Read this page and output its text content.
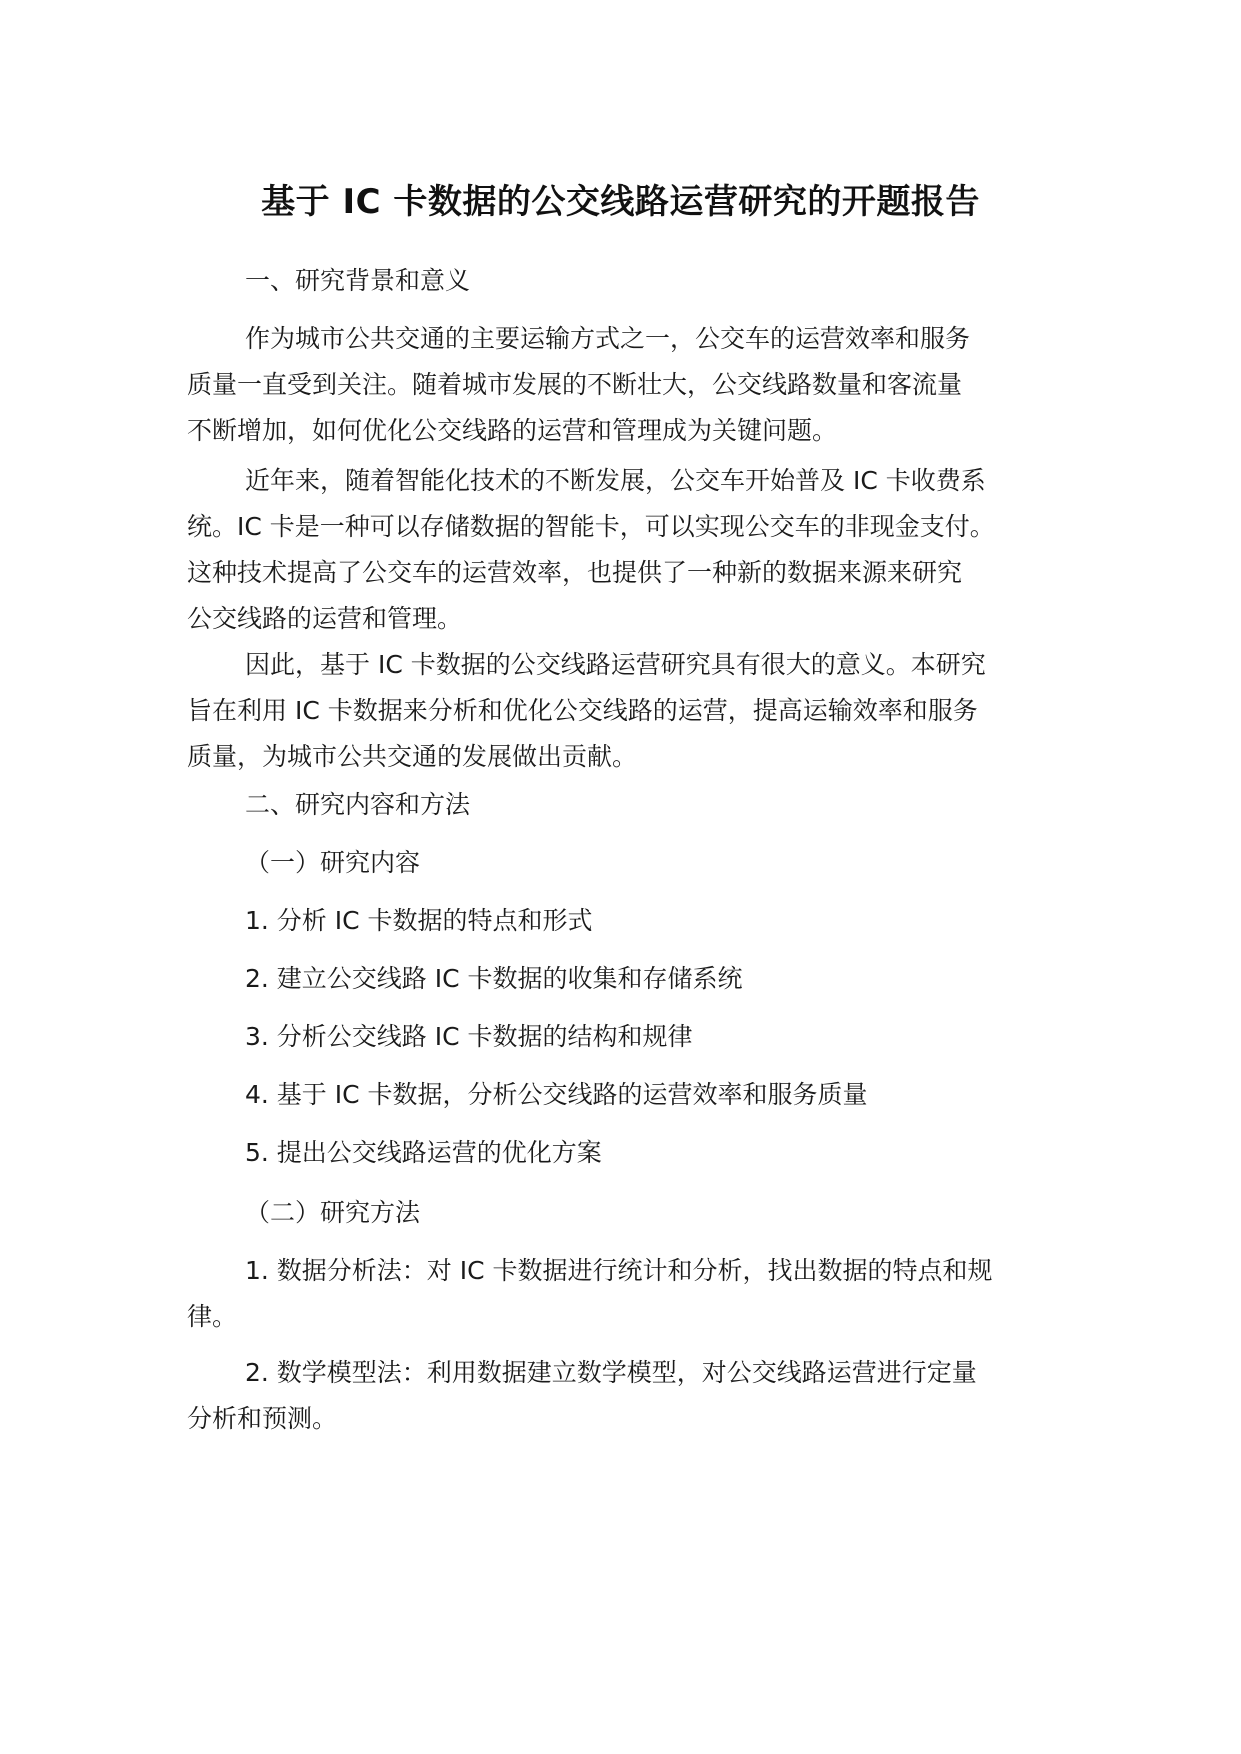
基于 IC 卡数据的公交线路运营研究的开题报告
一、研究背景和意义
作为城市公共交通的主要运输方式之一，公交车的运营效率和服务
质量一直受到关注。随着城市发展的不断壮大，公交线路数量和客流量
不断增加，如何优化公交线路的运营和管理成为关键问题。
近年来，随着智能化技术的不断发展，公交车开始普及 IC 卡收费系
统。IC 卡是一种可以存储数据的智能卡，可以实现公交车的非现金支付。
这种技术提高了公交车的运营效率，也提供了一种新的数据来源来研究
公交线路的运营和管理。
因此，基于 IC 卡数据的公交线路运营研究具有很大的意义。本研究
旨在利用 IC 卡数据来分析和优化公交线路的运营，提高运输效率和服务
质量，为城市公共交通的发展做出贡献。
二、研究内容和方法
（一）研究内容
1. 分析 IC 卡数据的特点和形式
2. 建立公交线路 IC 卡数据的收集和存储系统
3. 分析公交线路 IC 卡数据的结构和规律
4. 基于 IC 卡数据，分析公交线路的运营效率和服务质量
5. 提出公交线路运营的优化方案
（二）研究方法
1. 数据分析法：对 IC 卡数据进行统计和分析，找出数据的特点和规
律。
2. 数学模型法：利用数据建立数学模型，对公交线路运营进行定量
分析和预测。
